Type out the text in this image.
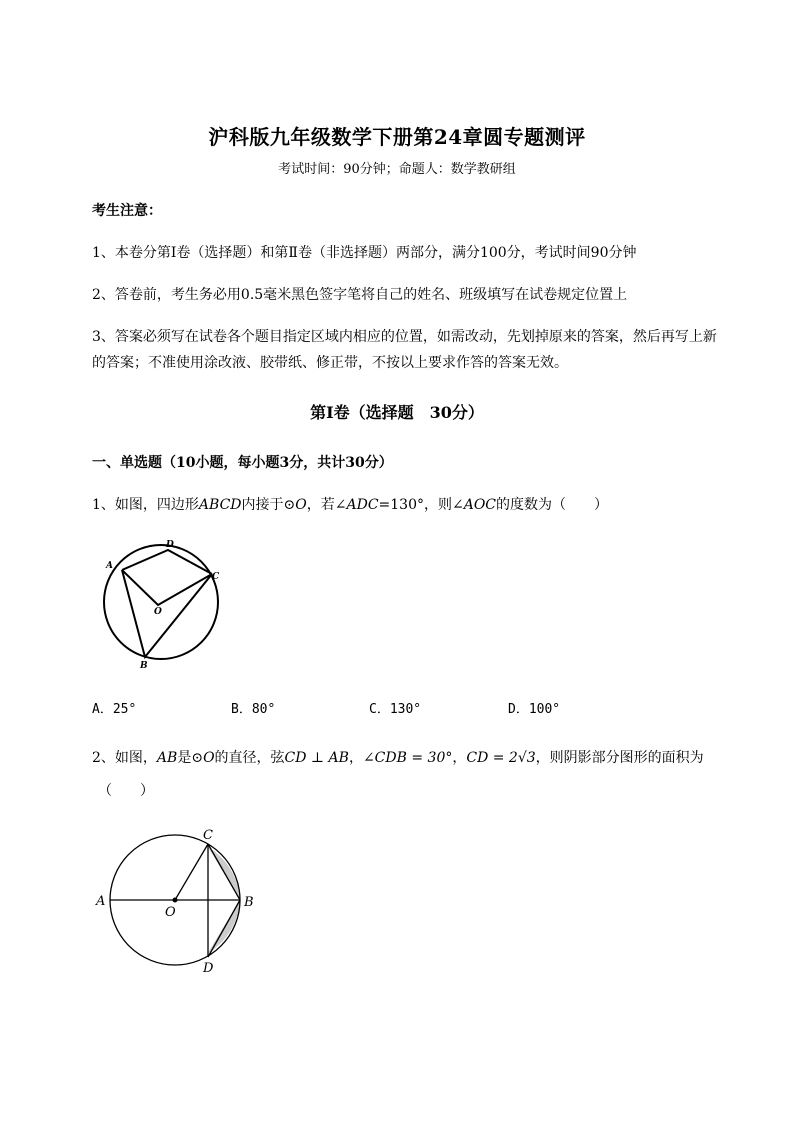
沪科版九年级数学下册第24章圆专题测评
考试时间：90分钟；命题人：数学教研组
考生注意：
1、本卷分第I卷（选择题）和第Ⅱ卷（非选择题）两部分，满分100分，考试时间90分钟
2、答卷前，考生务必用0.5毫米黑色签字笔将自己的姓名、班级填写在试卷规定位置上
3、答案必须写在试卷各个题目指定区域内相应的位置，如需改动，先划掉原来的答案，然后再写上新
的答案；不准使用涂改液、胶带纸、修正带，不按以上要求作答的答案无效。
第I卷（选择题　30分）
一、单选题（10小题，每小题3分，共计30分）
1、如图，四边形ABCD内接于⊙O，若∠ADC=130°，则∠AOC的度数为（　　）
A
D
C
O
B
A．25°	B．80°	C．130°	D．100°
2、如图，AB是⊙O的直径，弦CD ⊥ AB，∠CDB = 30°，CD = 2√3，则阴影部分图形的面积为
（　　）
C
A
O
B
D
